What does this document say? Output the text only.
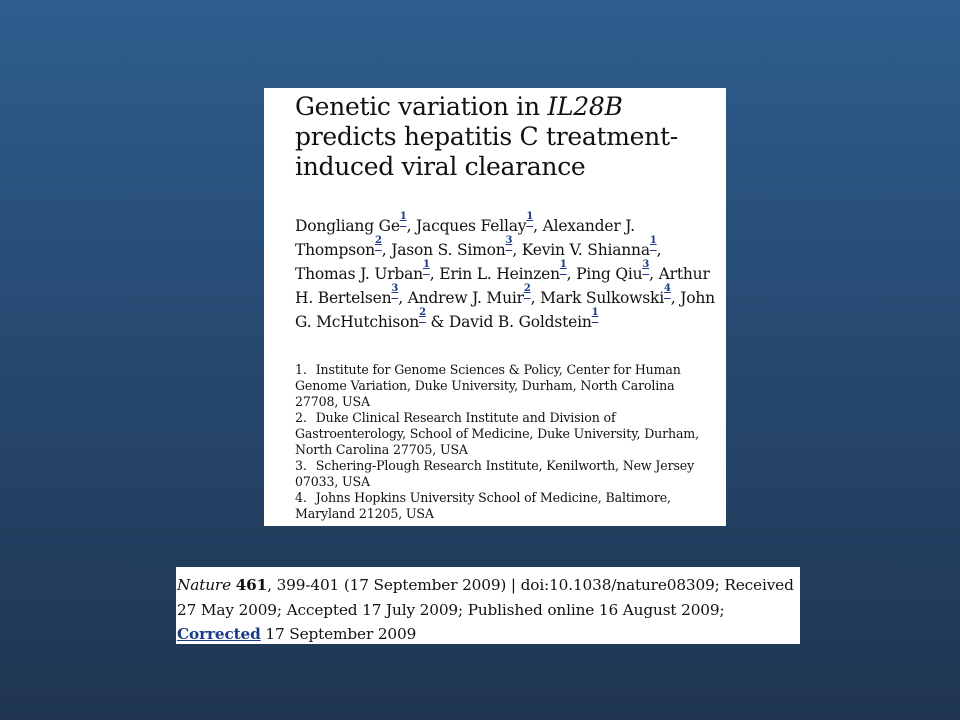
Genetic variation in IL28B predicts hepatitis C treatment-induced viral clearance
Dongliang Ge$^1$, Jacques Fellay$^1$, Alexander J. Thompson$^2$, Jason S. Simon$^3$, Kevin V. Shianna$^1$, Thomas J. Urban$^1$, Erin L. Heinzen$^1$, Ping Qiu$^3$, Arthur H. Bertelsen$^3$, Andrew J. Muir$^2$, Mark Sulkowski$^4$, John G. McHutchison$^2$ & David B. Goldstein$^1$
1. Institute for Genome Sciences & Policy, Center for Human Genome Variation, Duke University, Durham, North Carolina 27708, USA
2. Duke Clinical Research Institute and Division of Gastroenterology, School of Medicine, Duke University, Durham, North Carolina 27705, USA
3. Schering-Plough Research Institute, Kenilworth, New Jersey 07033, USA
4. Johns Hopkins University School of Medicine, Baltimore, Maryland 21205, USA
Nature 461, 399-401 (17 September 2009) | doi:10.1038/nature08309; Received 27 May 2009; Accepted 17 July 2009; Published online 16 August 2009; Corrected 17 September 2009
